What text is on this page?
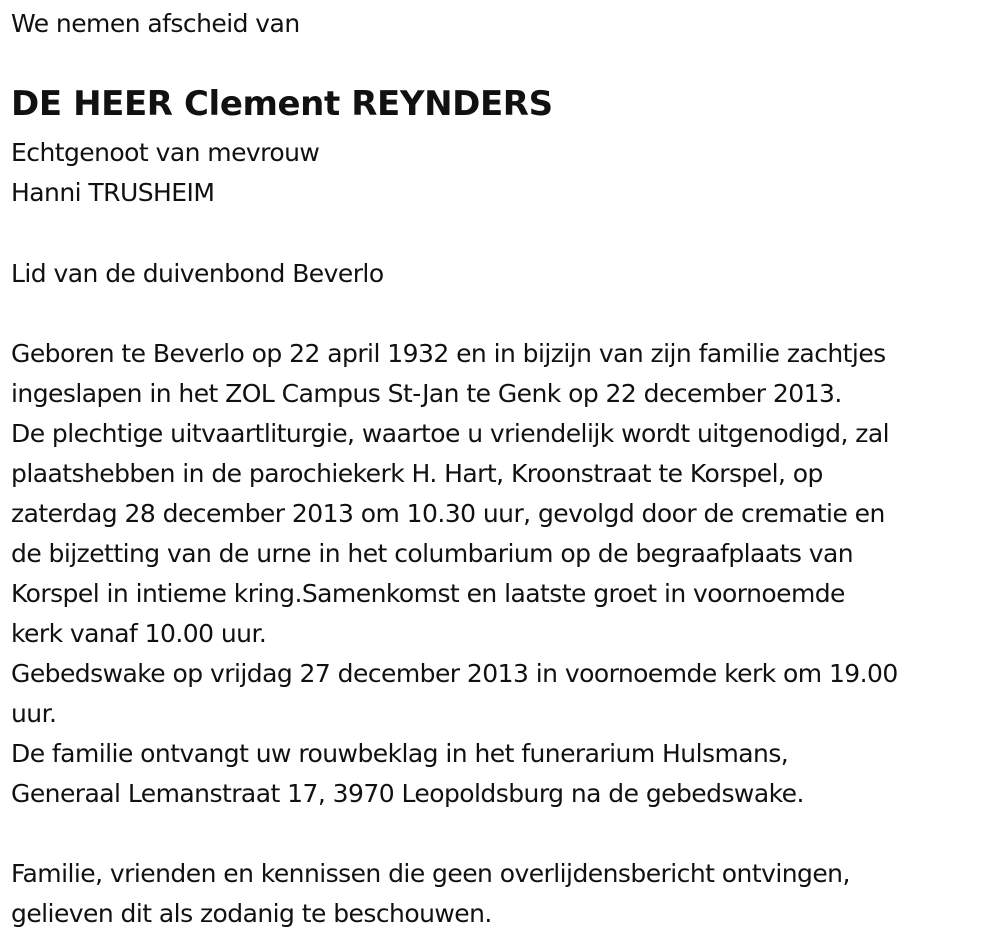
We nemen afscheid van
DE HEER Clement REYNDERS
Echtgenoot van mevrouw
Hanni TRUSHEIM
Lid van de duivenbond Beverlo
Geboren te Beverlo op 22 april 1932 en in bijzijn van zijn familie zachtjes
ingeslapen in het ZOL Campus St-Jan te Genk op 22 december 2013.
De plechtige uitvaartliturgie, waartoe u vriendelijk wordt uitgenodigd, zal
plaatshebben in de parochiekerk H. Hart, Kroonstraat te Korspel, op
zaterdag 28 december 2013 om 10.30 uur, gevolgd door de crematie en
de bijzetting van de urne in het columbarium op de begraafplaats van
Korspel in intieme kring.Samenkomst en laatste groet in voornoemde
kerk vanaf 10.00 uur.
Gebedswake op vrijdag 27 december 2013 in voornoemde kerk om 19.00
uur.
De familie ontvangt uw rouwbeklag in het funerarium Hulsmans,
Generaal Lemanstraat 17, 3970 Leopoldsburg na de gebedswake.
Familie, vrienden en kennissen die geen overlijdensbericht ontvingen,
gelieven dit als zodanig te beschouwen.
